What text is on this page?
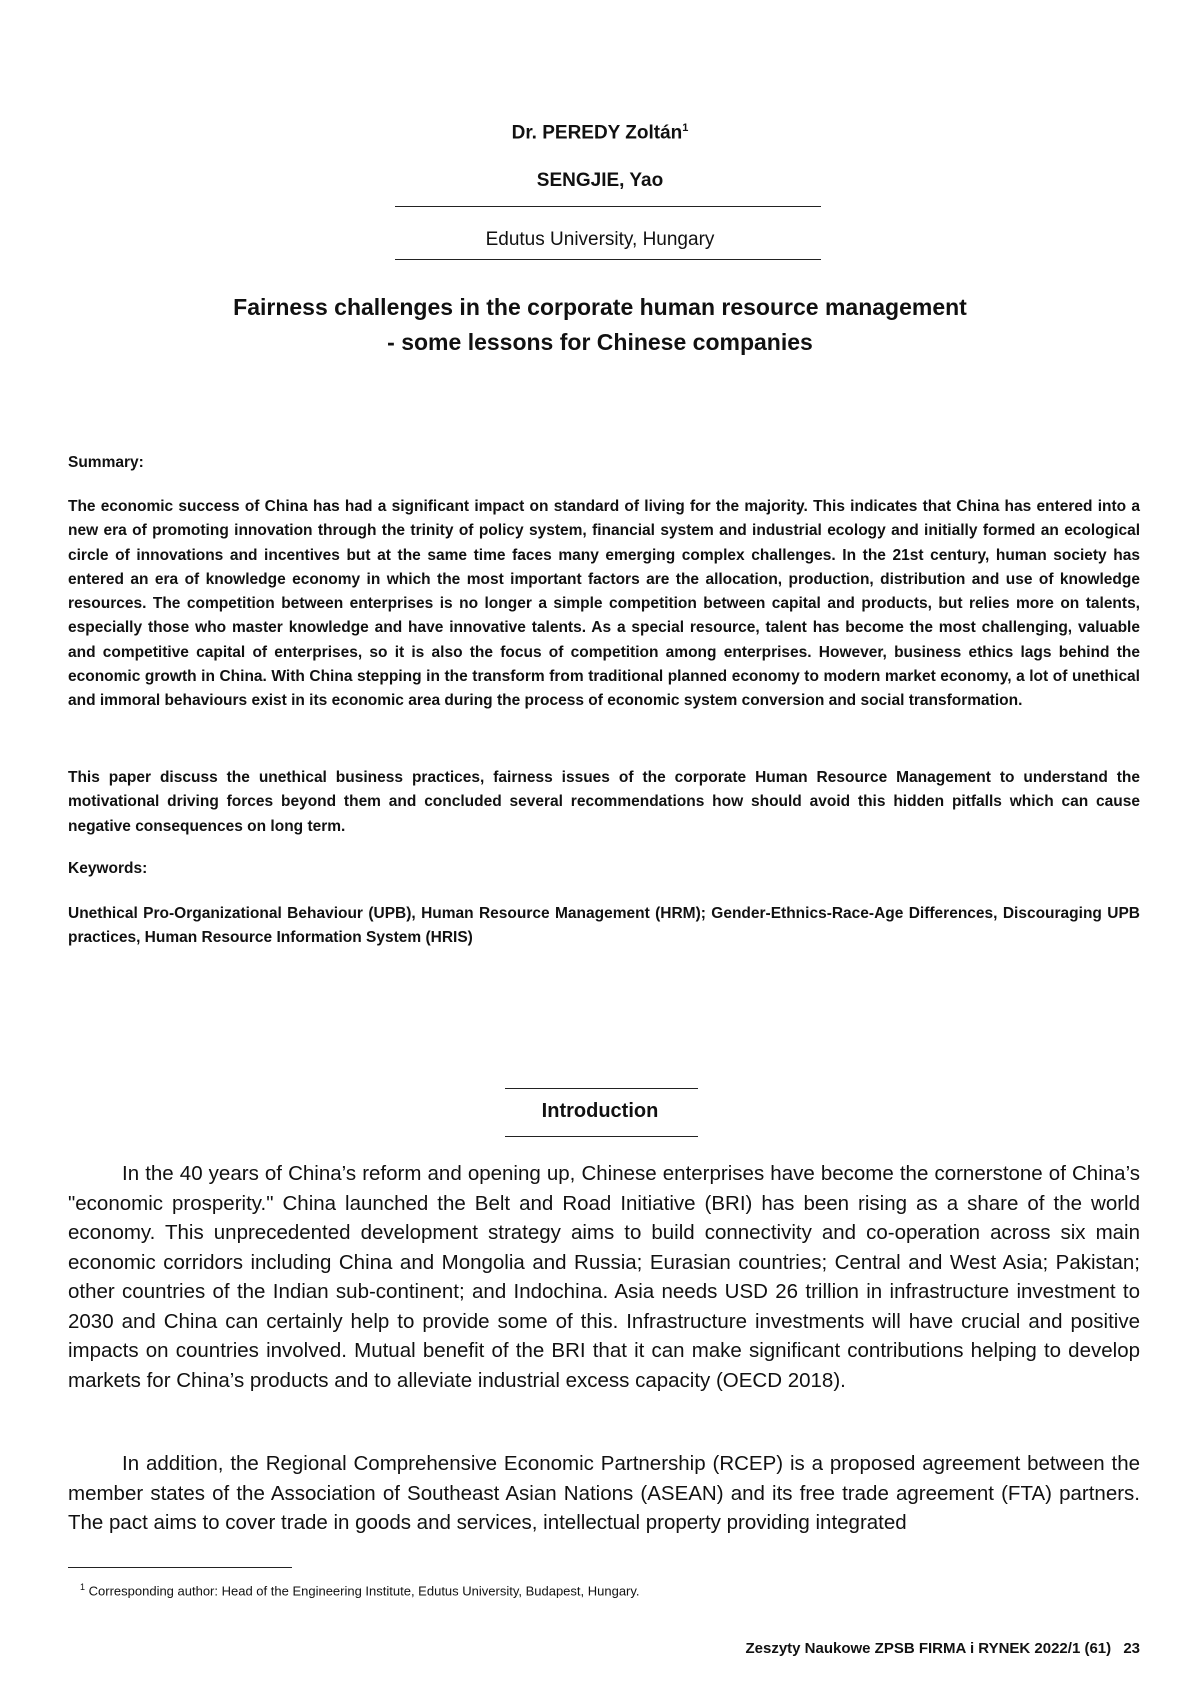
Dr. PEREDY Zoltán$^1$
SENGJIE, Yao
Edutus University, Hungary
Fairness challenges in the corporate human resource management
- some lessons for Chinese companies
Summary:
The economic success of China has had a significant impact on standard of living for the majority. This indicates that China has entered into a new era of promoting innovation through the trinity of policy system, financial system and industrial ecology and initially formed an ecological circle of innovations and incentives but at the same time faces many emerging complex challenges. In the 21st century, human society has entered an era of knowledge economy in which the most important factors are the allocation, production, distribution and use of knowledge resources. The competition between enterprises is no longer a simple competition between capital and products, but relies more on talents, especially those who master knowledge and have innovative talents. As a special resource, talent has become the most challenging, valuable and competitive capital of enterprises, so it is also the focus of competition among enterprises. However, business ethics lags behind the economic growth in China. With China stepping in the transform from traditional planned economy to modern market economy, a lot of unethical and immoral behaviours exist in its economic area during the process of economic system conversion and social transformation.
This paper discuss the unethical business practices, fairness issues of the corporate Human Resource Management to understand the motivational driving forces beyond them and concluded several recommendations how should avoid this hidden pitfalls which can cause negative consequences on long term.
Keywords:
Unethical Pro-Organizational Behaviour (UPB), Human Resource Management (HRM); Gender-Ethnics-Race-Age Differences, Discouraging UPB practices, Human Resource Information System (HRIS)
Introduction
In the 40 years of China’s reform and opening up, Chinese enterprises have become the cornerstone of China’s "economic prosperity." China launched the Belt and Road Initiative (BRI) has been rising as a share of the world economy. This unprecedented development strategy aims to build connectivity and co-operation across six main economic corridors including China and Mongolia and Russia; Eurasian countries; Central and West Asia; Pakistan; other countries of the Indian sub-continent; and Indochina. Asia needs USD 26 trillion in infrastructure investment to 2030 and China can certainly help to provide some of this. Infrastructure investments will have crucial and positive impacts on countries involved. Mutual benefit of the BRI that it can make significant contributions helping to develop markets for China’s products and to alleviate industrial excess capacity (OECD 2018).
In addition, the Regional Comprehensive Economic Partnership (RCEP) is a proposed agreement between the member states of the Association of Southeast Asian Nations (ASEAN) and its free trade agreement (FTA) partners. The pact aims to cover trade in goods and services, intellectual property providing integrated
$^1$ Corresponding author: Head of the Engineering Institute, Edutus University, Budapest, Hungary.
Zeszyty Naukowe ZPSB FIRMA i RYNEK 2022/1 (61) 23
